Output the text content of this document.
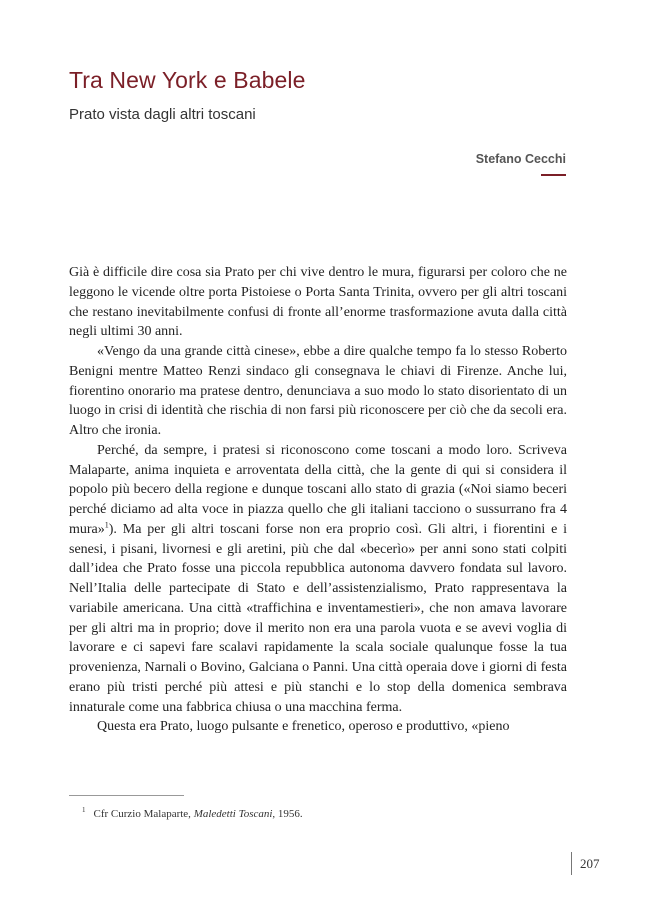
Tra New York e Babele
Prato vista dagli altri toscani
Stefano Cecchi

Già è difficile dire cosa sia Prato per chi vive dentro le mura, figurarsi per coloro che ne leggono le vicende oltre porta Pistoiese o Porta Santa Trinita, ovvero per gli altri toscani che restano inevitabilmente confusi di fronte all’enorme trasformazione avuta dalla città negli ultimi 30 anni.

«Vengo da una grande città cinese», ebbe a dire qualche tempo fa lo stesso Roberto Benigni mentre Matteo Renzi sindaco gli consegnava le chiavi di Firenze. Anche lui, fiorentino onorario ma pratese dentro, denunciava a suo modo lo stato disorientato di un luogo in crisi di identità che rischia di non farsi più riconoscere per ciò che da secoli era. Altro che ironia.

Perché, da sempre, i pratesi si riconoscono come toscani a modo loro. Scriveva Malaparte, anima inquieta e arroventata della città, che la gente di qui si considera il popolo più becero della regione e dunque toscani allo stato di grazia («Noi siamo beceri perché diciamo ad alta voce in piazza quello che gli italiani tacciono o sussurrano fra 4 mura»$^1$). Ma per gli altri toscani forse non era proprio così. Gli altri, i fiorentini e i senesi, i pisani, livornesi e gli aretini, più che dal «becerìo» per anni sono stati colpiti dall’idea che Prato fosse una piccola repubblica autonoma davvero fondata sul lavoro. Nell’Italia delle partecipate di Stato e dell’assistenzialismo, Prato rappresentava la variabile americana. Una città «traffichina e inventamestieri», che non amava lavorare per gli altri ma in proprio; dove il merito non era una parola vuota e se avevi voglia di lavorare e ci sapevi fare scalavi rapidamente la scala sociale qualunque fosse la tua provenienza, Narnali o Bovino, Galciana o Panni. Una città operaia dove i giorni di festa erano più tristi perché più attesi e più stanchi e lo stop della domenica sembrava innaturale come una fabbrica chiusa o una macchina ferma.

Questa era Prato, luogo pulsante e frenetico, operoso e produttivo, «pieno

$^1$ Cfr Curzio Malaparte, Maledetti Toscani, 1956.
207
